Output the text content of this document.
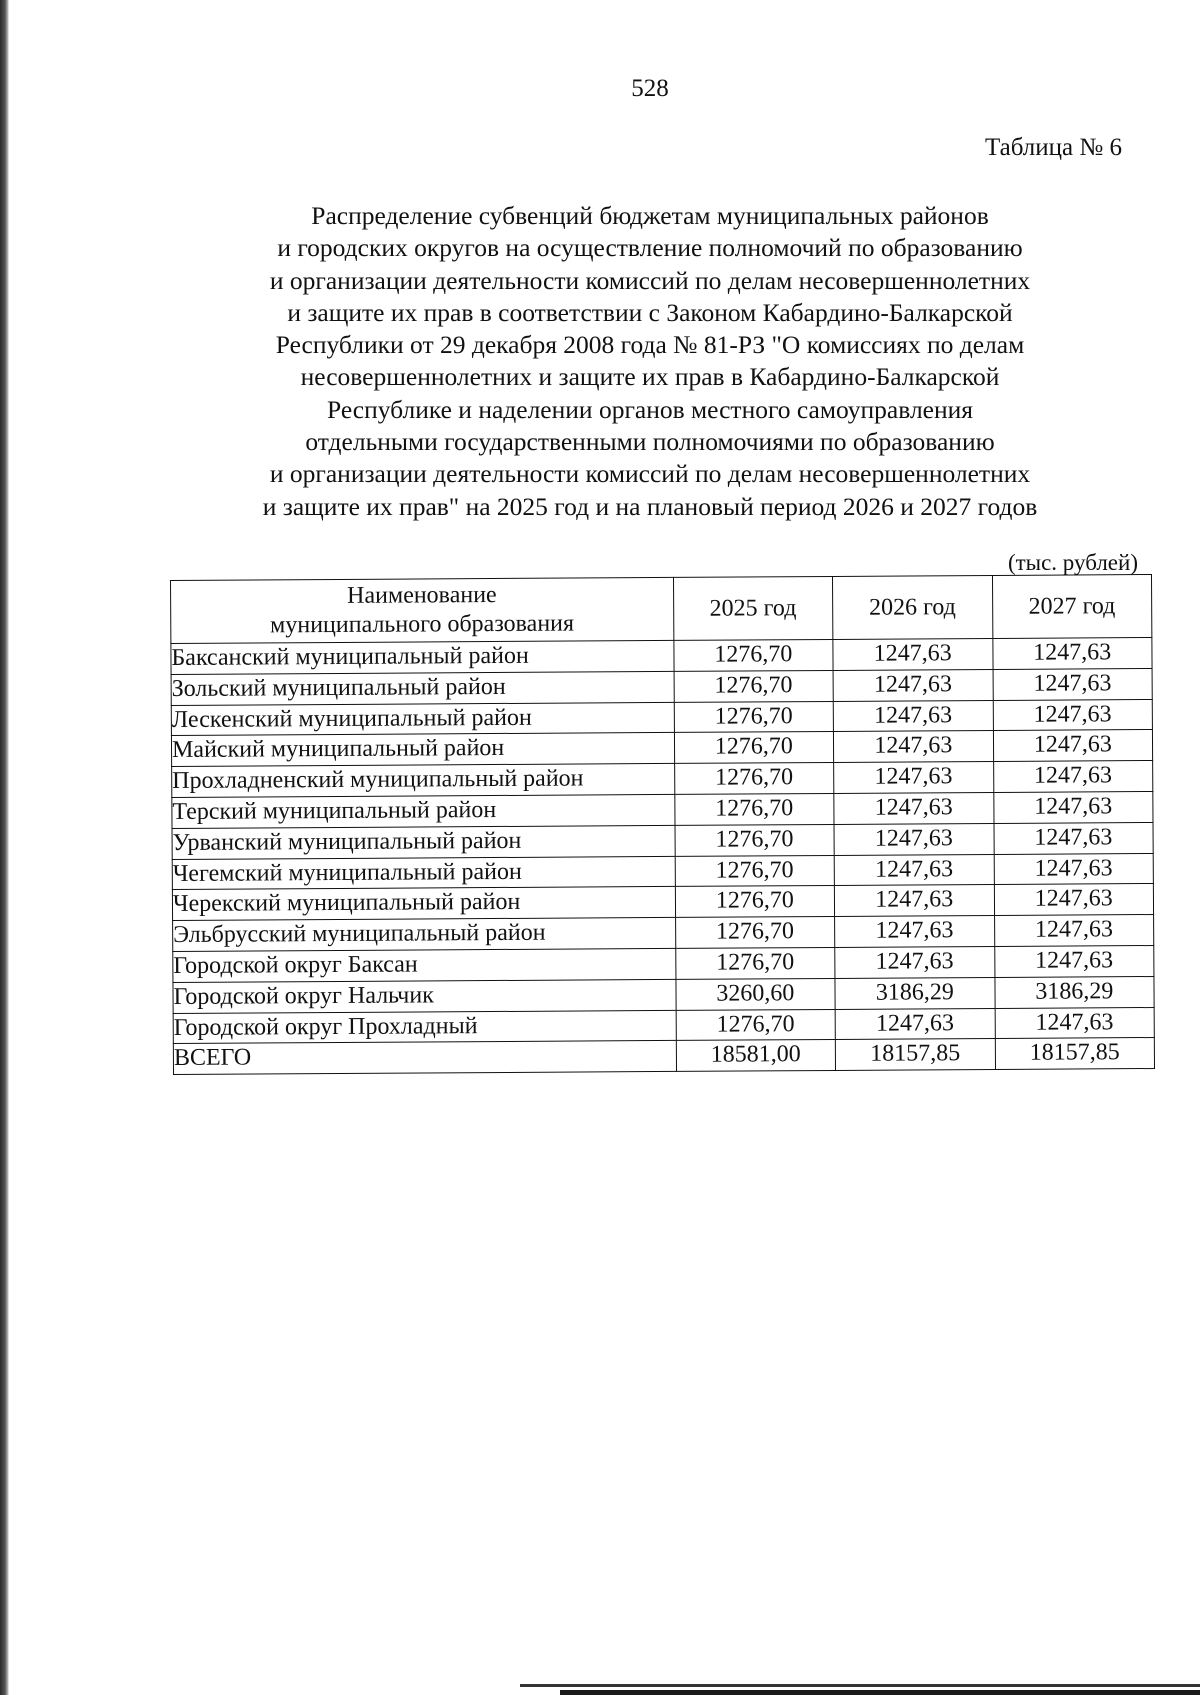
528
Таблица № 6
Распределение субвенций бюджетам муниципальных районов
и городских округов на осуществление полномочий по образованию
и организации деятельности комиссий по делам несовершеннолетних
и защите их прав в соответствии с Законом Кабардино-Балкарской
Республики от 29 декабря 2008 года № 81-РЗ "О комиссиях по делам
несовершеннолетних и защите их прав в Кабардино-Балкарской
Республике и наделении органов местного самоуправления
отдельными государственными полномочиями по образованию
и организации деятельности комиссий по делам несовершеннолетних
и защите их прав" на 2025 год и на плановый период 2026 и 2027 годов
(тыс. рублей)
Наименование
муниципального образования	2025 год	2026 год	2027 год
Баксанский муниципальный район	1276,70	1247,63	1247,63
Зольский муниципальный район	1276,70	1247,63	1247,63
Лескенский муниципальный район	1276,70	1247,63	1247,63
Майский муниципальный район	1276,70	1247,63	1247,63
Прохладненский муниципальный район	1276,70	1247,63	1247,63
Терский муниципальный район	1276,70	1247,63	1247,63
Урванский муниципальный район	1276,70	1247,63	1247,63
Чегемский муниципальный район	1276,70	1247,63	1247,63
Черекский муниципальный район	1276,70	1247,63	1247,63
Эльбрусский муниципальный район	1276,70	1247,63	1247,63
Городской округ Баксан	1276,70	1247,63	1247,63
Городской округ Нальчик	3260,60	3186,29	3186,29
Городской округ Прохладный	1276,70	1247,63	1247,63
ВСЕГО	18581,00	18157,85	18157,85
